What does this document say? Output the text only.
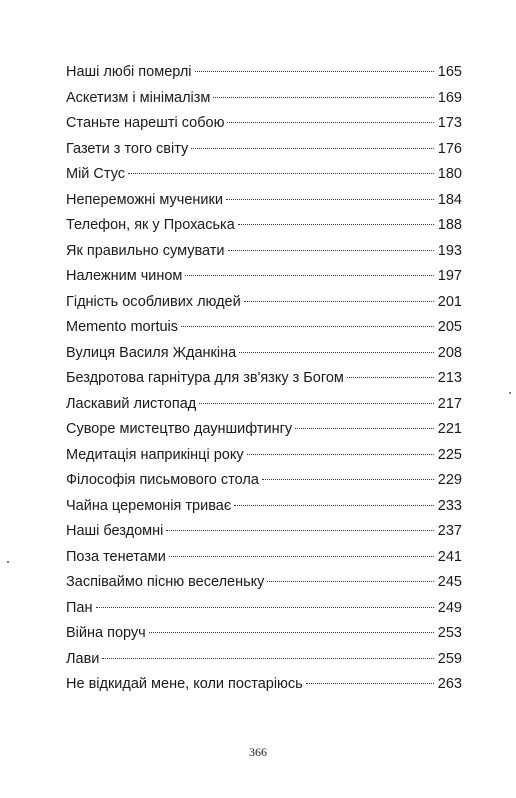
Наші любі померлі	165
Аскетизм і мінімалізм	169
Станьте нарешті собою	173
Газети з того світу	176
Мій Стус	180
Непереможні мученики	184
Телефон, як у Прохаська	188
Як правильно сумувати	193
Належним чином	197
Гідність особливих людей	201
Memento mortuis	205
Вулиця Василя Жданкіна	208
Бездротова гарнітура для зв'язку з Богом	213
Ласкавий листопад	217
Суворе мистецтво дауншифтингу	221
Медитація наприкінці року	225
Філософія письмового стола	229
Чайна церемонія триває	233
Наші бездомні	237
Поза тенетами	241
Заспіваймо пісню веселеньку	245
Пан	249
Війна поруч	253
Лави	259
Не відкидай мене, коли постаріюсь	263
366
